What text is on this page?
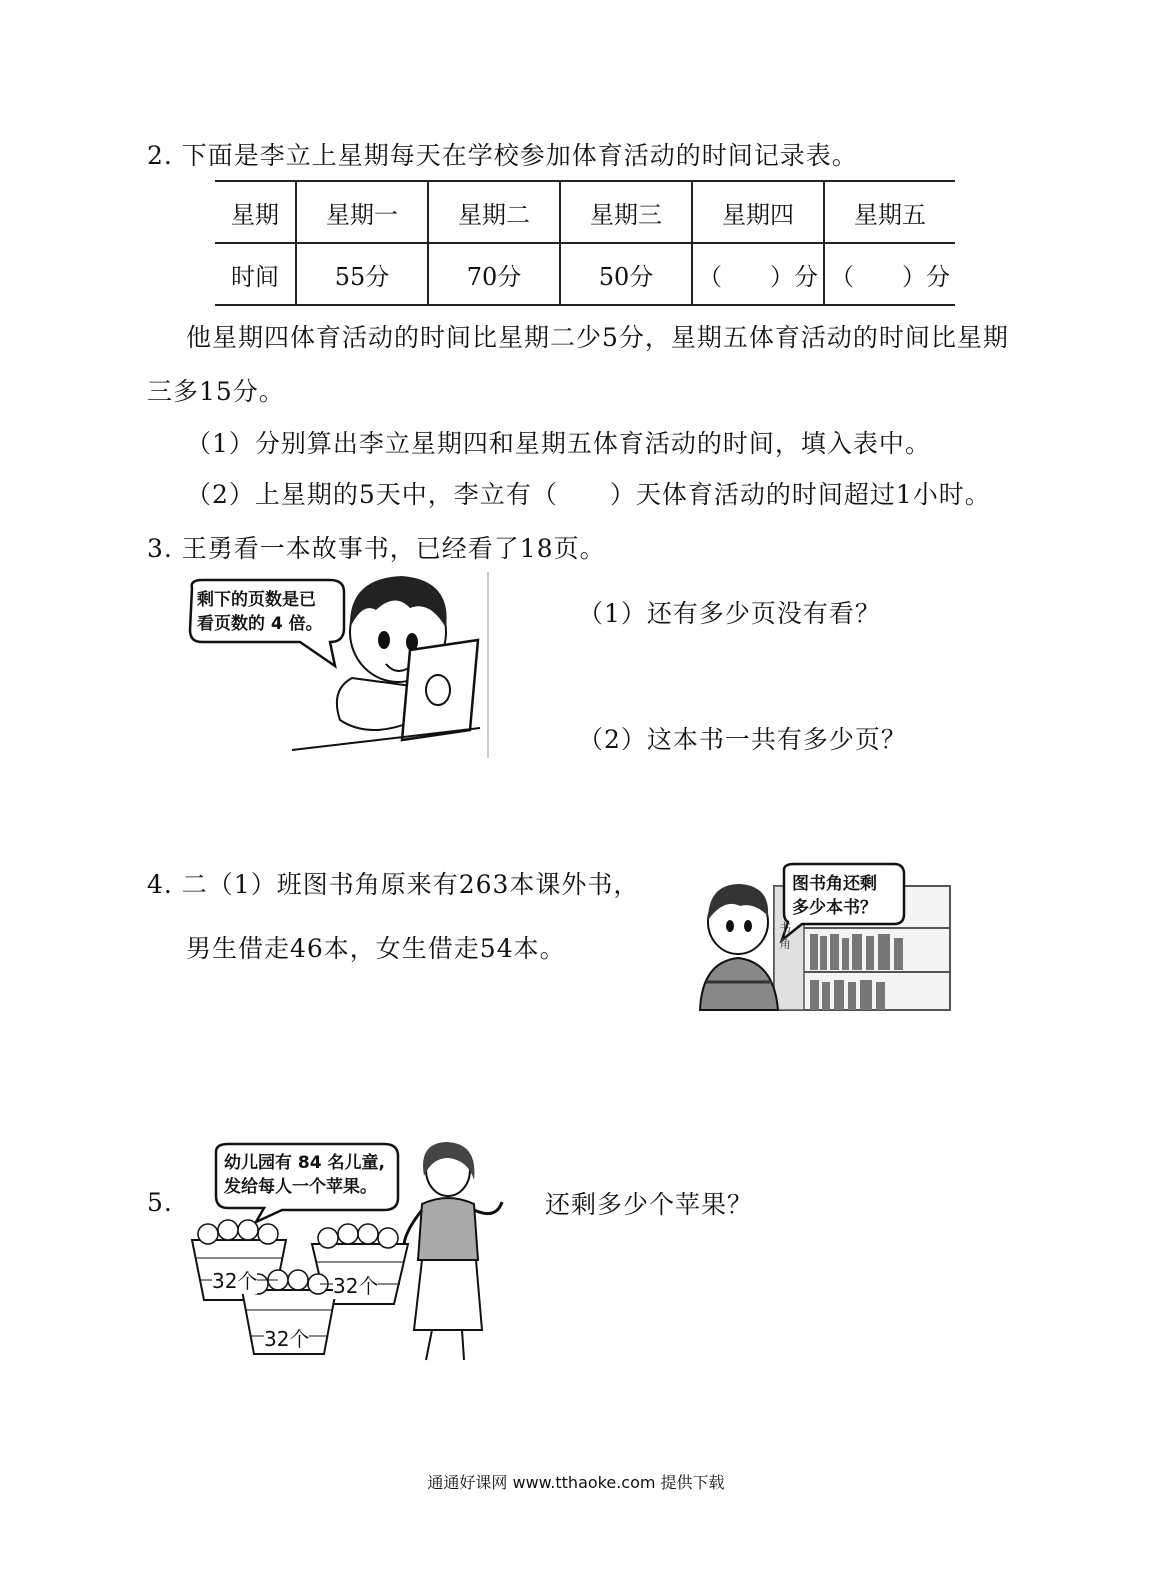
2. 下面是李立上星期每天在学校参加体育活动的时间记录表。
星期	星期一	星期二	星期三	星期四	星期五
时间	55分	70分	50分	（　　）分	（　　）分
他星期四体育活动的时间比星期二少5分，星期五体育活动的时间比星期
三多15分。
（1）分别算出李立星期四和星期五体育活动的时间，填入表中。
（2）上星期的5天中，李立有（　　）天体育活动的时间超过1小时。
3. 王勇看一本故事书，已经看了18页。
剩下的页数是已
看页数的 4 倍。	（1）还有多少页没有看？
（2）这本书一共有多少页？
4. 二（1）班图书角原来有263本课外书，
男生借走46本，女生借走54本。
图书角还剩
多少本书？
书角
5.
幼儿园有 84 名儿童,
发给每人一个苹果。
32个	32个
32个
还剩多少个苹果？
通通好课网 www.tthaoke.com 提供下载
